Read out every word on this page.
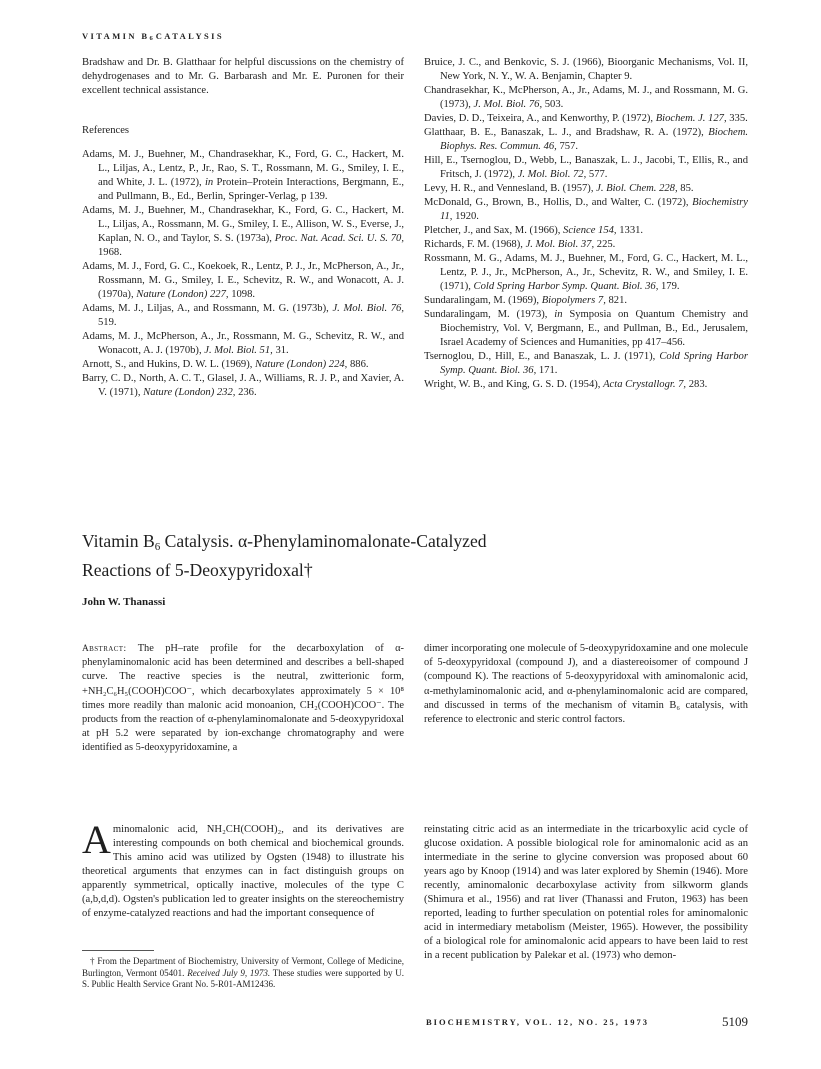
VITAMIN B6 CATALYSIS

Bradshaw and Dr. B. Glatthaar for helpful discussions on the chemistry of dehydrogenases and to Mr. G. Barbarash and Mr. E. Puronen for their excellent technical assistance.

References

Adams, M. J., Buehner, M., Chandrasekhar, K., Ford, G. C., Hackert, M. L., Liljas, A., Lentz, P., Jr., Rao, S. T., Rossmann, M. G., Smiley, I. E., and White, J. L. (1972), in Protein–Protein Interactions, Bergmann, E., and Pullmann, B., Ed., Berlin, Springer-Verlag, p 139.

Adams, M. J., Buehner, M., Chandrasekhar, K., Ford, G. C., Hackert, M. L., Liljas, A., Rossmann, M. G., Smiley, I. E., Allison, W. S., Everse, J., Kaplan, N. O., and Taylor, S. S. (1973a), Proc. Nat. Acad. Sci. U. S. 70, 1968.

Adams, M. J., Ford, G. C., Koekoek, R., Lentz, P. J., Jr., McPherson, A., Jr., Rossmann, M. G., Smiley, I. E., Schevitz, R. W., and Wonacott, A. J. (1970a), Nature (London) 227, 1098.

Adams, M. J., Liljas, A., and Rossmann, M. G. (1973b), J. Mol. Biol. 76, 519.

Adams, M. J., McPherson, A., Jr., Rossmann, M. G., Schevitz, R. W., and Wonacott, A. J. (1970b), J. Mol. Biol. 51, 31.

Arnott, S., and Hukins, D. W. L. (1969), Nature (London) 224, 886.

Barry, C. D., North, A. C. T., Glasel, J. A., Williams, R. J. P., and Xavier, A. V. (1971), Nature (London) 232, 236.

Bruice, J. C., and Benkovic, S. J. (1966), Bioorganic Mechanisms, Vol. II, New York, N. Y., W. A. Benjamin, Chapter 9.

Chandrasekhar, K., McPherson, A., Jr., Adams, M. J., and Rossmann, M. G. (1973), J. Mol. Biol. 76, 503.

Davies, D. D., Teixeira, A., and Kenworthy, P. (1972), Biochem. J. 127, 335.

Glatthaar, B. E., Banaszak, L. J., and Bradshaw, R. A. (1972), Biochem. Biophys. Res. Commun. 46, 757.

Hill, E., Tsernoglou, D., Webb, L., Banaszak, L. J., Jacobi, T., Ellis, R., and Fritsch, J. (1972), J. Mol. Biol. 72, 577.

Levy, H. R., and Vennesland, B. (1957), J. Biol. Chem. 228, 85.

McDonald, G., Brown, B., Hollis, D., and Walter, C. (1972), Biochemistry 11, 1920.

Pletcher, J., and Sax, M. (1966), Science 154, 1331.

Richards, F. M. (1968), J. Mol. Biol. 37, 225.

Rossmann, M. G., Adams, M. J., Buehner, M., Ford, G. C., Hackert, M. L., Lentz, P. J., Jr., McPherson, A., Jr., Schevitz, R. W., and Smiley, I. E. (1971), Cold Spring Harbor Symp. Quant. Biol. 36, 179.

Sundaralingam, M. (1969), Biopolymers 7, 821.

Sundaralingam, M. (1973), in Symposia on Quantum Chemistry and Biochemistry, Vol. V, Bergmann, E., and Pullman, B., Ed., Jerusalem, Israel Academy of Sciences and Humanities, pp 417–456.

Tsernoglou, D., Hill, E., and Banaszak, L. J. (1971), Cold Spring Harbor Symp. Quant. Biol. 36, 171.

Wright, W. B., and King, G. S. D. (1954), Acta Crystallogr. 7, 283.

Vitamin $B_6$ Catalysis. α-Phenylaminomalonate-Catalyzed
Reactions of 5-Deoxypyridoxal†
John W. Thanassi

Abstract: The pH–rate profile for the decarboxylation of α-phenylaminomalonic acid has been determined and describes a bell-shaped curve. The reactive species is the neutral, zwitterionic form, +NH₂C₆H₅(COOH)COO⁻, which decarboxylates approximately 5 × 10⁸ times more readily than malonic acid monoanion, CH₂(COOH)COO⁻. The products from the reaction of α-phenylaminomalonate and 5-deoxypyridoxal at pH 5.2 were separated by ion-exchange chromatography and were identified as 5-deoxypyridoxamine, a

dimer incorporating one molecule of 5-deoxypyridoxamine and one molecule of 5-deoxypyridoxal (compound J), and a diastereoisomer of compound J (compound K). The reactions of 5-deoxypyridoxal with aminomalonic acid, α-methylaminomalonic acid, and α-phenylaminomalonic acid are compared, and discussed in terms of the mechanism of vitamin B₆ catalysis, with reference to electronic and steric control factors.

Aminomalonic acid, NH₂CH(COOH)₂, and its derivatives are interesting compounds on both chemical and biochemical grounds. This amino acid was utilized by Ogsten (1948) to illustrate his theoretical arguments that enzymes can in fact distinguish groups on apparently symmetrical, optically inactive, molecules of the type C (a,b,d,d). Ogsten's publication led to greater insights on the stereochemistry of enzyme-catalyzed reactions and had the important consequence of

reinstating citric acid as an intermediate in the tricarboxylic acid cycle of glucose oxidation. A possible biological role for aminomalonic acid as an intermediate in the serine to glycine conversion was proposed about 60 years ago by Knoop (1914) and was later explored by Shemin (1946). More recently, aminomalonic decarboxylase activity from silkworm glands (Shimura et al., 1956) and rat liver (Thanassi and Fruton, 1963) has been reported, leading to further speculation on potential roles for aminomalonic acid in intermediary metabolism (Meister, 1965). However, the possibility of a biological role for aminomalonic acid appears to have been laid to rest in a recent publication by Palekar et al. (1973) who demon-

† From the Department of Biochemistry, University of Vermont, College of Medicine, Burlington, Vermont 05401. Received July 9, 1973. These studies were supported by U. S. Public Health Service Grant No. 5-R01-AM12436.

BIOCHEMISTRY, VOL. 12, NO. 25, 1973	5109
